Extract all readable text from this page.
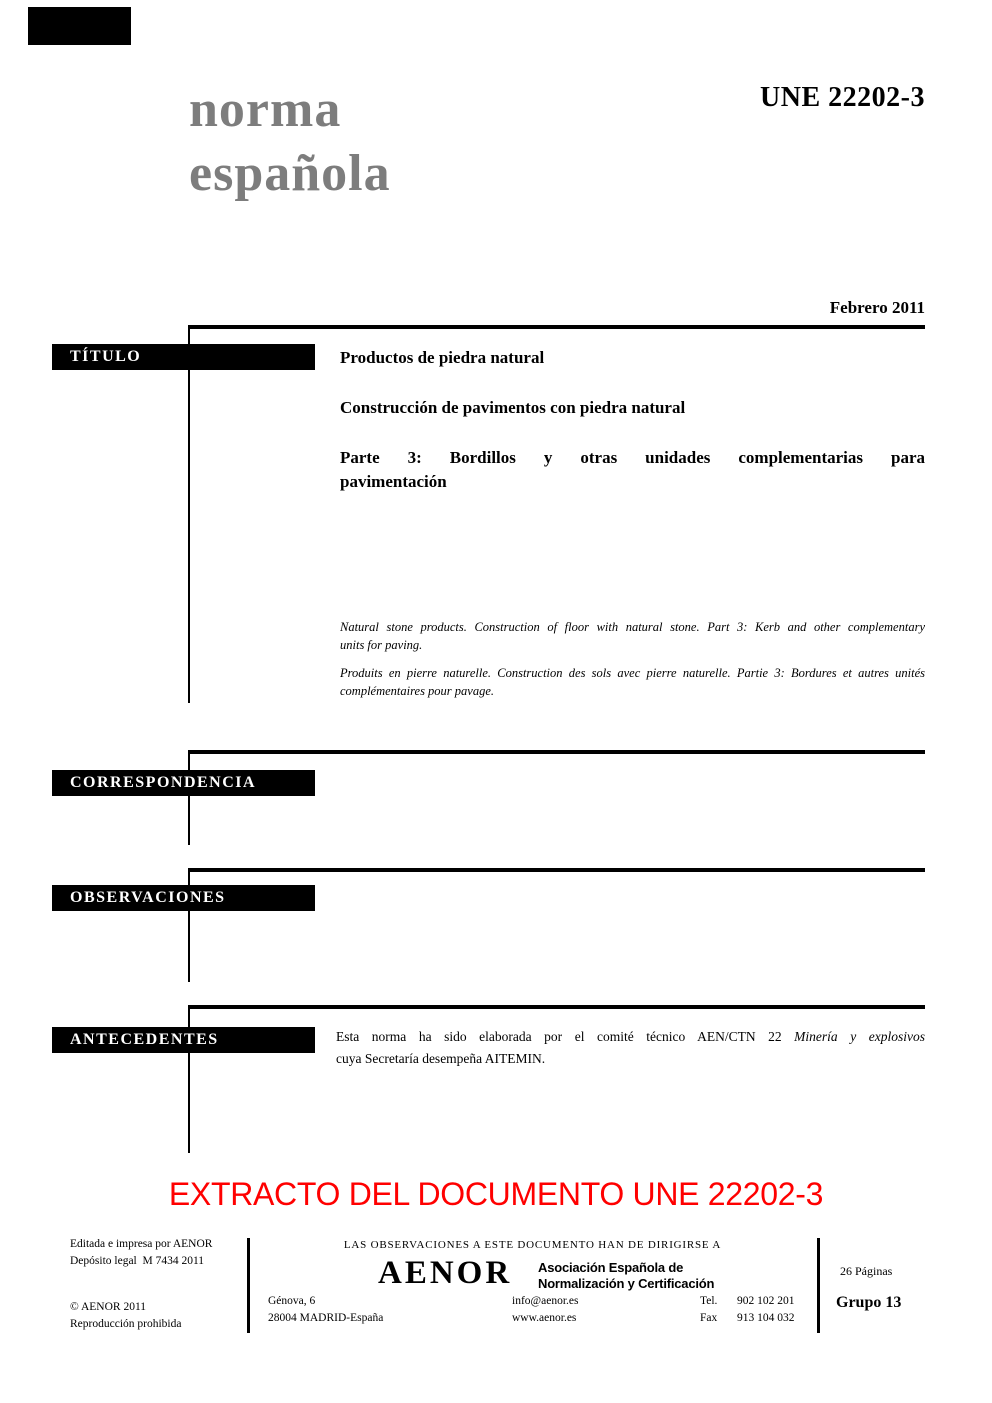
norma
española
UNE 22202-3
Febrero 2011
TÍTULO	Productos de piedra natural
Construcción de pavimentos con piedra natural
Parte 3: Bordillos y otras unidades complementarias para
pavimentación
Natural stone products. Construction of floor with natural stone. Part 3: Kerb and other complementary
units for paving.
Produits en pierre naturelle. Construction des sols avec pierre naturelle. Partie 3: Bordures et autres unités
complémentaires pour pavage.
CORRESPONDENCIA
OBSERVACIONES
ANTECEDENTES	Esta norma ha sido elaborada por el comité técnico AEN/CTN 22 Minería y explosivos
cuya Secretaría desempeña AITEMIN.
EXTRACTO DEL DOCUMENTO UNE 22202-3
Editada e impresa por AENOR
Depósito legal  M 7434 2011
© AENOR 2011
Reproducción prohibida
LAS OBSERVACIONES A ESTE DOCUMENTO HAN DE DIRIGIRSE A
AENOR Asociación Española de
Normalización y Certificación
Génova, 6
28004 MADRID-España
info@aenor.es
www.aenor.es
Tel. 902 102 201
Fax 913 104 032
26 Páginas
Grupo 13
